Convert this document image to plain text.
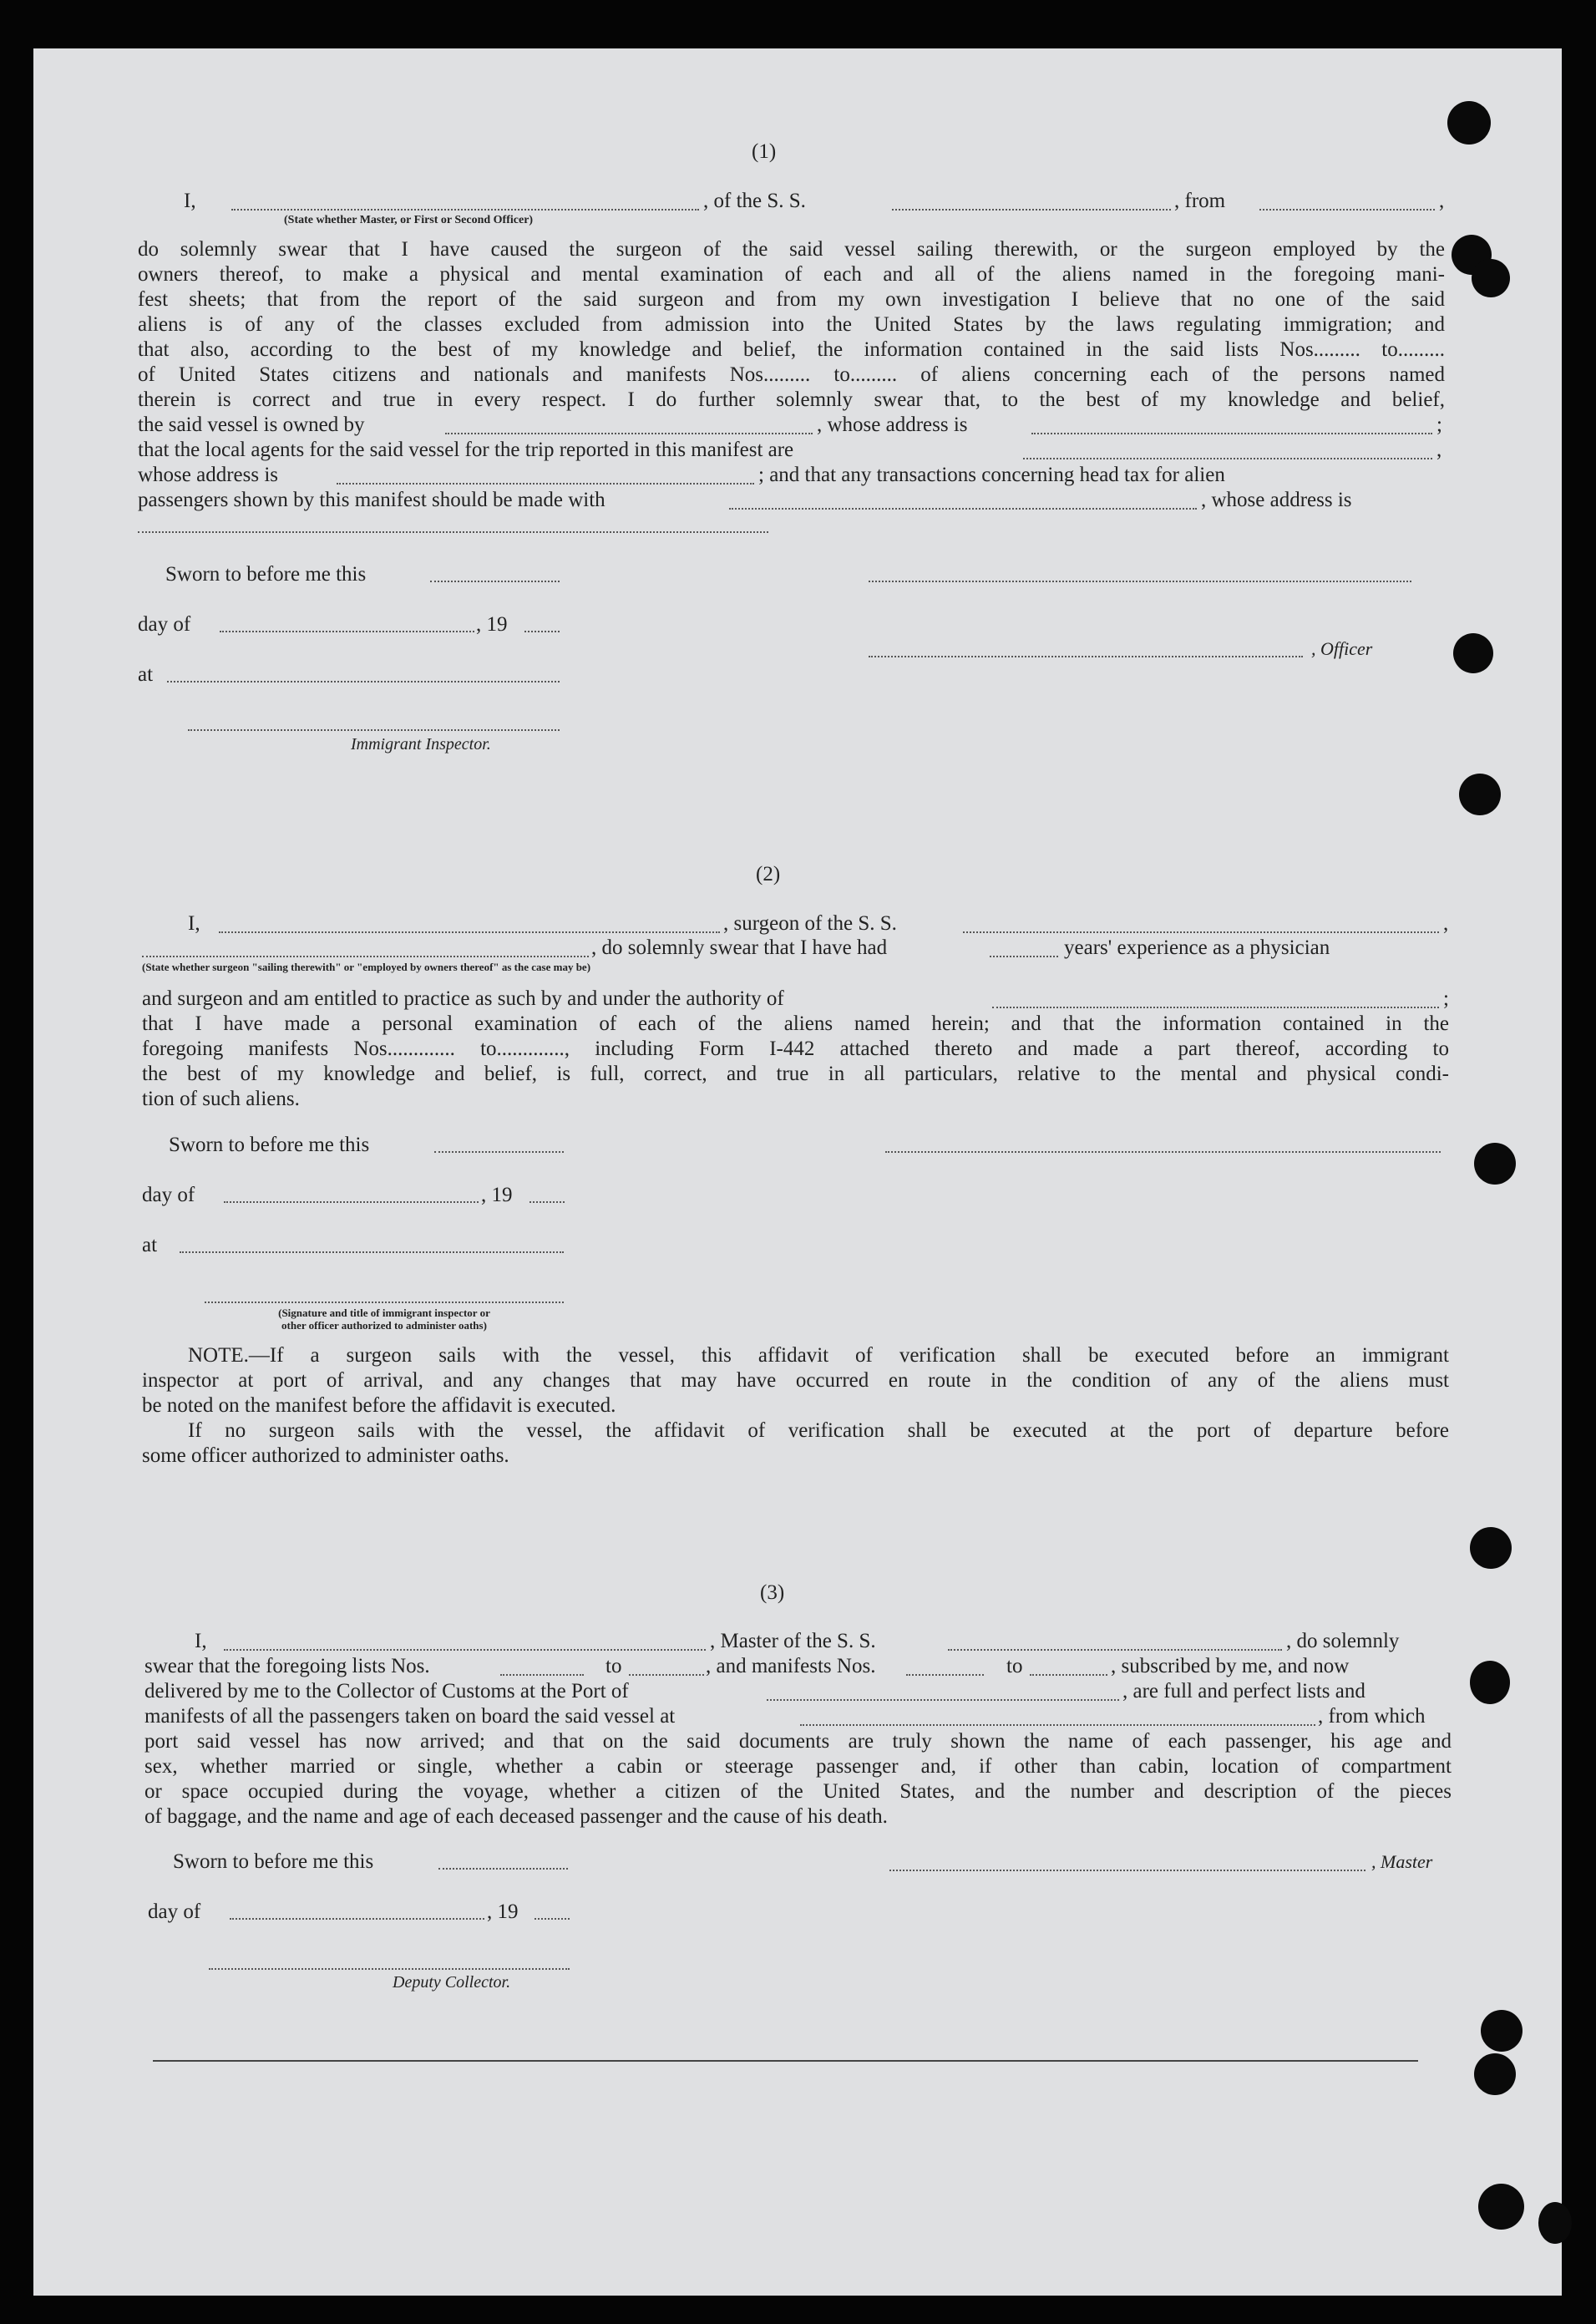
(1)
I,	, of the S. S.	, from	,
(State whether Master, or First or Second Officer)
do solemnly swear that I have caused the surgeon of the said vessel sailing therewith, or the surgeon employed by the
owners thereof, to make a physical and mental examination of each and all of the aliens named in the foregoing mani-
fest sheets; that from the report of the said surgeon and from my own investigation I believe that no one of the said
aliens is of any of the classes excluded from admission into the United States by the laws regulating immigration; and
that also, according to the best of my knowledge and belief, the information contained in the said lists Nos......... to.........
of United States citizens and nationals and manifests Nos......... to......... of aliens concerning each of the persons named
therein is correct and true in every respect. I do further solemnly swear that, to the best of my knowledge and belief,
the said vessel is owned by	, whose address is	;
that the local agents for the said vessel for the trip reported in this manifest are	,
whose address is	; and that any transactions concerning head tax for alien
passengers shown by this manifest should be made with	, whose address is
Sworn to before me this
day of	, 19
, Officer
at
Immigrant Inspector.
(2)
I,	, surgeon of the S. S.	,
, do solemnly swear that I have had	years' experience as a physician
(State whether surgeon "sailing therewith" or "employed by owners thereof" as the case may be)
and surgeon and am entitled to practice as such by and under the authority of	;
that I have made a personal examination of each of the aliens named herein; and that the information contained in the
foregoing manifests Nos............. to............., including Form I-442 attached thereto and made a part thereof, according to
the best of my knowledge and belief, is full, correct, and true in all particulars, relative to the mental and physical condi-
tion of such aliens.
Sworn to before me this
day of	, 19
at
(Signature and title of immigrant inspector or
other officer authorized to administer oaths)
NOTE.—If a surgeon sails with the vessel, this affidavit of verification shall be executed before an immigrant
inspector at port of arrival, and any changes that may have occurred en route in the condition of any of the aliens must
be noted on the manifest before the affidavit is executed.
If no surgeon sails with the vessel, the affidavit of verification shall be executed at the port of departure before
some officer authorized to administer oaths.
(3)
I,	, Master of the S. S.	, do solemnly
swear that the foregoing lists Nos.	to	, and manifests Nos.	to	, subscribed by me, and now
delivered by me to the Collector of Customs at the Port of	, are full and perfect lists and
manifests of all the passengers taken on board the said vessel at	, from which
port said vessel has now arrived; and that on the said documents are truly shown the name of each passenger, his age and
sex, whether married or single, whether a cabin or steerage passenger and, if other than cabin, location of compartment
or space occupied during the voyage, whether a citizen of the United States, and the number and description of the pieces
of baggage, and the name and age of each deceased passenger and the cause of his death.
Sworn to before me this	, Master
day of	, 19
Deputy Collector.
